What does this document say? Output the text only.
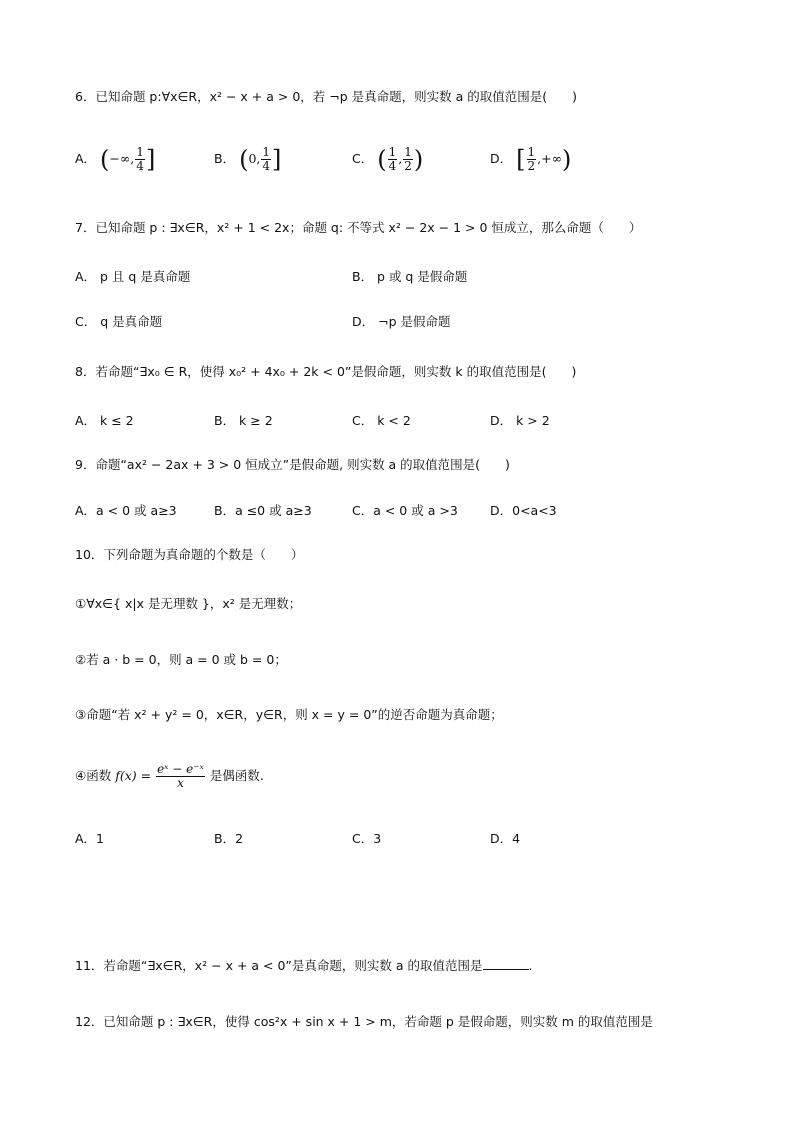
6．已知命题 p:∀x∈R，x² − x + a > 0，若 ¬p 是真命题，则实数 a 的取值范围是(　　)
A． (−∞, $\frac{1}{4}$ ]	B． (0, $\frac{1}{4}$ ]	C． ( $\frac{1}{4}$ , $\frac{1}{2}$ )	D． [ $\frac{1}{2}$ ,+∞)
7．已知命题 p : ∃x∈R，x² + 1 < 2x；命题 q: 不等式 x² − 2x − 1 > 0 恒成立，那么命题（　　）
A． p 且 q 是真命题	B． p 或 q 是假命题
C． q 是真命题	D． ¬p 是假命题
8．若命题“∃x₀ ∈ R，使得 x₀² + 4x₀ + 2k < 0”是假命题，则实数 k 的取值范围是(　　)
A． k ≤ 2	B． k ≥ 2	C． k < 2	D． k > 2
9．命题“ax² − 2ax + 3 > 0 恒成立”是假命题, 则实数 a 的取值范围是(　　)
A．a < 0 或 a≥3	B．a ≤0 或 a≥3	C．a < 0 或 a >3	D．0<a<3
10．下列命题为真命题的个数是（　　）
①∀x∈{ x|x 是无理数 }，x² 是无理数；
②若 a · b = 0，则 a = 0 或 b = 0；
③命题“若 x² + y² = 0，x∈R，y∈R，则 x = y = 0”的逆否命题为真命题；
④函数 $f(x) = \frac{\text{eˣ − e⁻ˣ}}{x}$ 是偶函数.
A．1	B．2	C．3	D．4
11．若命题“∃x∈R，x² − x + a < 0”是真命题，则实数 a 的取值范围是	.
12．已知命题 p : ∃x∈R，使得 cos²x + sin x + 1 > m，若命题 p 是假命题，则实数 m 的取值范围是
